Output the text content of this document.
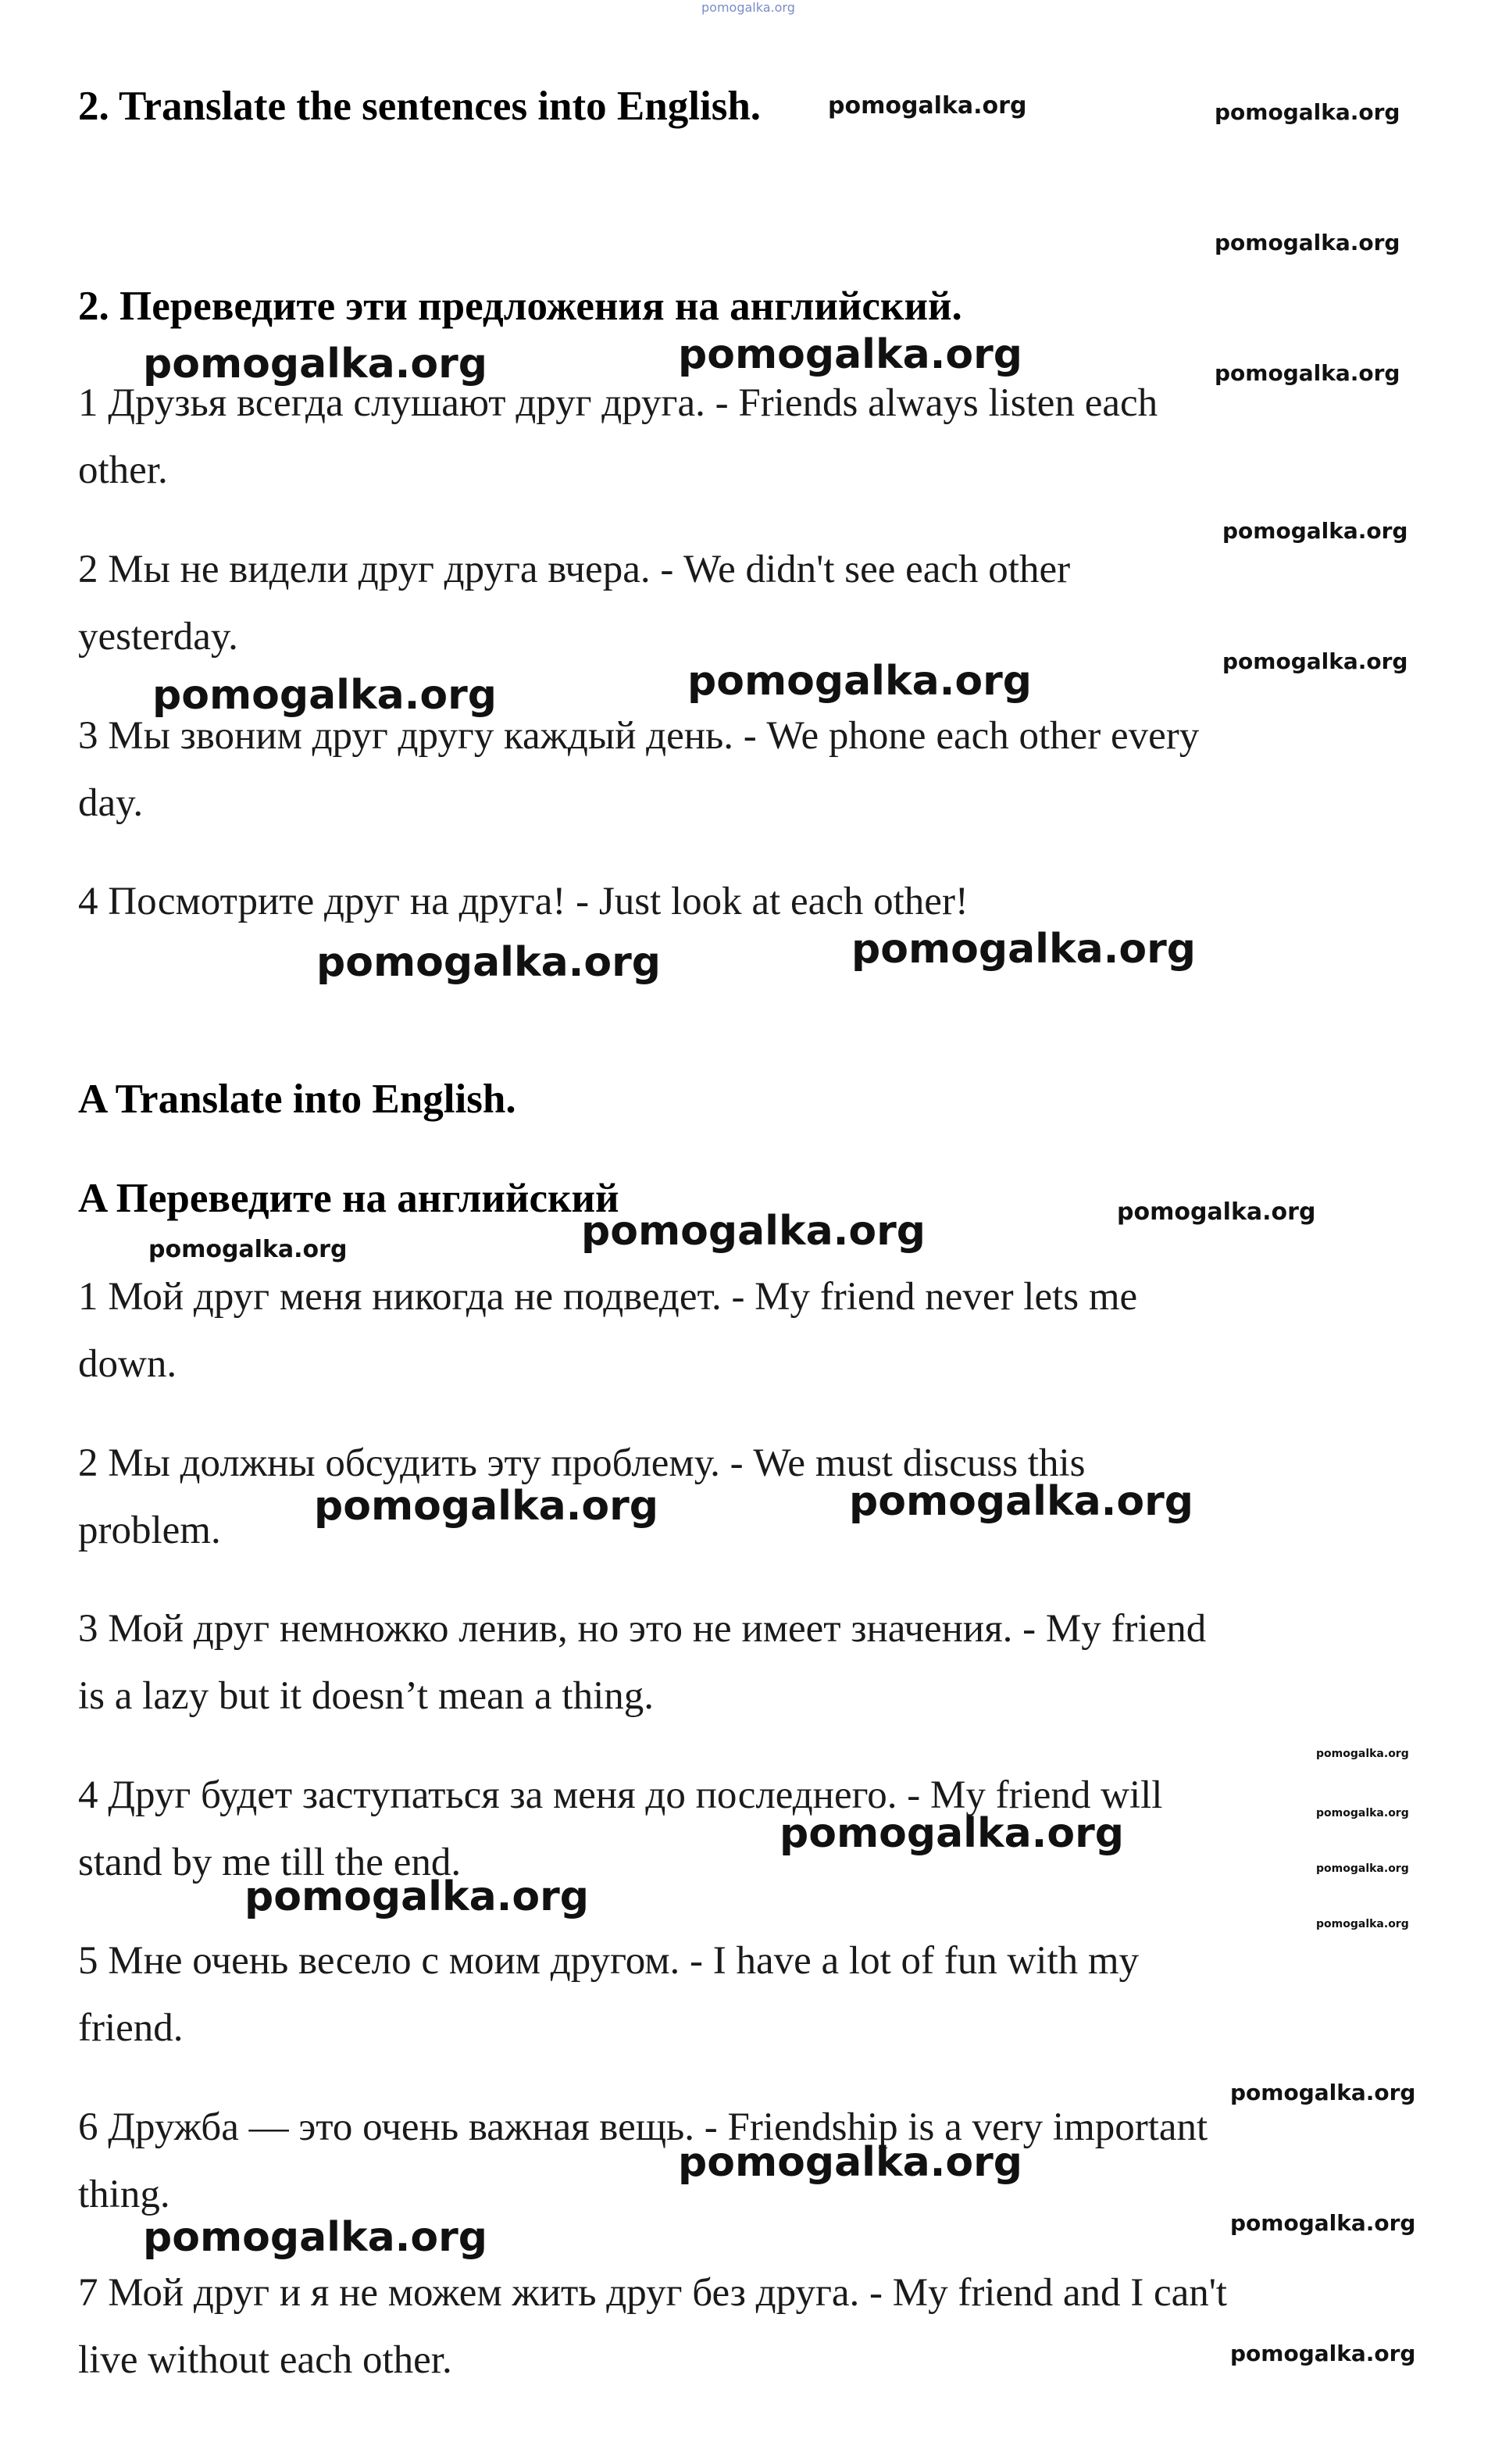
pomogalka.org
2. Translate the sentences into English.
2. Переведите эти предложения на английский.
1 Друзья всегда слушают друг друга. - Friends always listen each
other.
2 Мы не видели друг друга вчера. - We didn't see each other
yesterday.
3 Мы звоним друг другу каждый день. - We phone each other every
day.
4 Посмотрите друг на друга! - Just look at each other!
A Translate into English.
A Переведите на английский
1 Мой друг меня никогда не подведет. - My friend never lets me
down.
2 Мы должны обсудить эту проблему. - We must discuss this
problem.
3 Мой друг немножко ленив, но это не имеет значения. - My friend
is a lazy but it doesn’t mean a thing.
4 Друг будет заступаться за меня до последнего. - My friend will
stand by me till the end.
5 Мне очень весело с моим другом. - I have a lot of fun with my
friend.
6 Дружба — это очень важная вещь. - Friendship is a very important
thing.
7 Мой друг и я не можем жить друг без друга. - My friend and I can't
live without each other.
pomogalka.org	pomogalka.org
pomogalka.org
pomogalka.org
pomogalka.org
pomogalka.org
pomogalka.org
pomogalka.org
pomogalka.org
pomogalka.org
pomogalka.org
pomogalka.org
pomogalka.org
pomogalka.org
pomogalka.org
pomogalka.org	pomogalka.org
pomogalka.org	pomogalka.org
pomogalka.org	pomogalka.org
pomogalka.org
pomogalka.org	pomogalka.org
pomogalka.org
pomogalka.org
pomogalka.org
pomogalka.org
